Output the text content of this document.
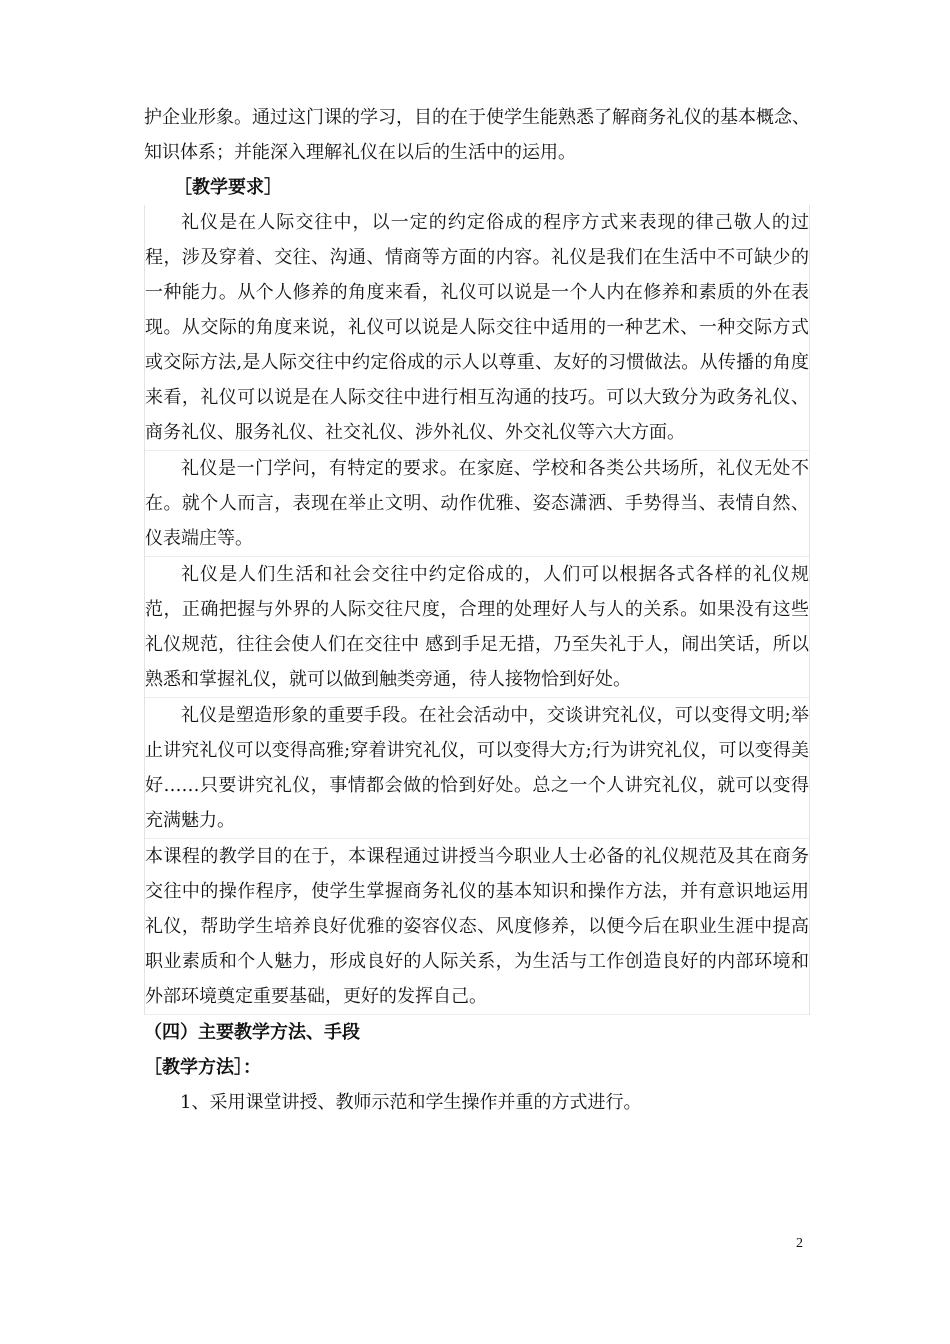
护企业形象。通过这门课的学习，目的在于使学生能熟悉了解商务礼仪的基本概念、知识体系；并能深入理解礼仪在以后的生活中的运用。

［教学要求］

礼仪是在人际交往中，以一定的约定俗成的程序方式来表现的律己敬人的过程，涉及穿着、交往、沟通、情商等方面的内容。礼仪是我们在生活中不可缺少的一种能力。从个人修养的角度来看，礼仪可以说是一个人内在修养和素质的外在表现。从交际的角度来说，礼仪可以说是人际交往中适用的一种艺术、一种交际方式或交际方法,是人际交往中约定俗成的示人以尊重、友好的习惯做法。从传播的角度来看，礼仪可以说是在人际交往中进行相互沟通的技巧。可以大致分为政务礼仪、商务礼仪、服务礼仪、社交礼仪、涉外礼仪、外交礼仪等六大方面。

礼仪是一门学问，有特定的要求。在家庭、学校和各类公共场所，礼仪无处不在。就个人而言，表现在举止文明、动作优雅、姿态潇洒、手势得当、表情自然、仪表端庄等。

礼仪是人们生活和社会交往中约定俗成的，人们可以根据各式各样的礼仪规范，正确把握与外界的人际交往尺度，合理的处理好人与人的关系。如果没有这些礼仪规范，往往会使人们在交往中 感到手足无措，乃至失礼于人，闹出笑话，所以熟悉和掌握礼仪，就可以做到触类旁通，待人接物恰到好处。

礼仪是塑造形象的重要手段。在社会活动中，交谈讲究礼仪，可以变得文明;举止讲究礼仪可以变得高雅;穿着讲究礼仪，可以变得大方;行为讲究礼仪，可以变得美好……只要讲究礼仪，事情都会做的恰到好处。总之一个人讲究礼仪，就可以变得充满魅力。

本课程的教学目的在于，本课程通过讲授当今职业人士必备的礼仪规范及其在商务交往中的操作程序，使学生掌握商务礼仪的基本知识和操作方法，并有意识地运用礼仪，帮助学生培养良好优雅的姿容仪态、风度修养，以便今后在职业生涯中提高职业素质和个人魅力，形成良好的人际关系，为生活与工作创造良好的内部环境和外部环境奠定重要基础，更好的发挥自己。

（四）主要教学方法、手段

［教学方法］：

1、采用课堂讲授、教师示范和学生操作并重的方式进行。

2
